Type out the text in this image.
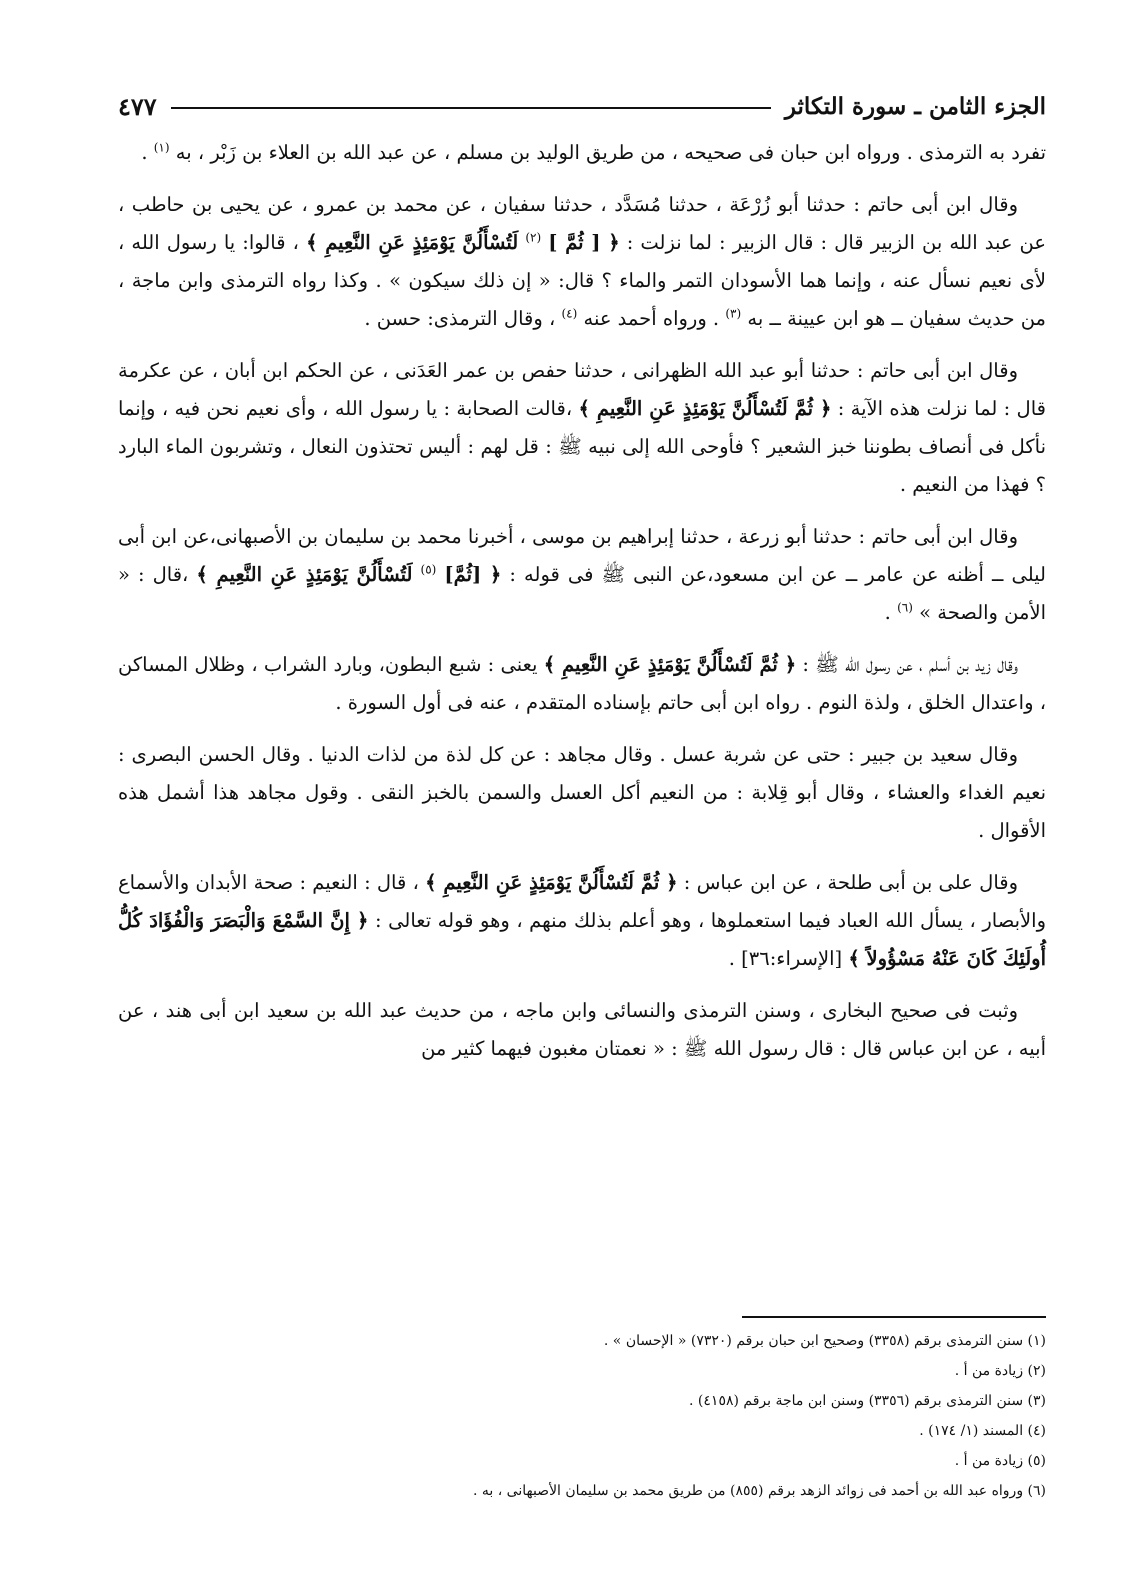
الجزء الثامن ـ سورة التكاثر
٤٧٧

تفرد به الترمذى . ورواه ابن حبان فى صحيحه ، من طريق الوليد بن مسلم ، عن عبد الله بن العلاء بن زَبْر ، به $^{(١)}$ .

وقال ابن أبى حاتم : حدثنا أبو زُرْعَة ، حدثنا مُسَدَّد ، حدثنا سفيان ، عن محمد بن عمرو ، عن يحيى بن حاطب ، عن عبد الله بن الزبير قال : قال الزبير : لما نزلت : ﴿ [ ثُمَّ ] $^{(٢)}$ لَتُسْأَلُنَّ يَوْمَئِذٍ عَنِ النَّعِيمِ ﴾ ، قالوا: يا رسول الله ، لأى نعيم نسأل عنه ، وإنما هما الأسودان التمر والماء ؟ قال: « إن ذلك سيكون » . وكذا رواه الترمذى وابن ماجة ، من حديث سفيان ــ هو ابن عيينة ــ به $^{(٣)}$ . ورواه أحمد عنه $^{(٤)}$ ، وقال الترمذى: حسن .

وقال ابن أبى حاتم : حدثنا أبو عبد الله الظهرانى ، حدثنا حفص بن عمر العَدَنى ، عن الحكم ابن أبان ، عن عكرمة قال : لما نزلت هذه الآية : ﴿ ثُمَّ لَتُسْأَلُنَّ يَوْمَئِذٍ عَنِ النَّعِيمِ ﴾ ،قالت الصحابة : يا رسول الله ، وأى نعيم نحن فيه ، وإنما نأكل فى أنصاف بطوننا خبز الشعير ؟ فأوحى الله إلى نبيه ﷺ : قل لهم : أليس تحتذون النعال ، وتشربون الماء البارد ؟ فهذا من النعيم .

وقال ابن أبى حاتم : حدثنا أبو زرعة ، حدثنا إبراهيم بن موسى ، أخبرنا محمد بن سليمان بن الأصبهانى،عن ابن أبى ليلى ــ أظنه عن عامر ــ عن ابن مسعود،عن النبى ﷺ فى قوله : ﴿ [ثُمَّ] $^{(٥)}$ لَتُسْأَلُنَّ يَوْمَئِذٍ عَنِ النَّعِيمِ ﴾ ،قال : « الأمن والصحة » $^{(٦)}$ .

وقال زيد بن أسلم ، عن رسول الله ﷺ : ﴿ ثُمَّ لَتُسْأَلُنَّ يَوْمَئِذٍ عَنِ النَّعِيمِ ﴾ يعنى : شبع البطون، وبارد الشراب ، وظلال المساكن ، واعتدال الخلق ، ولذة النوم . رواه ابن أبى حاتم بإسناده المتقدم ، عنه فى أول السورة .

وقال سعيد بن جبير : حتى عن شربة عسل . وقال مجاهد : عن كل لذة من لذات الدنيا . وقال الحسن البصرى : نعيم الغداء والعشاء ، وقال أبو قِلابة : من النعيم أكل العسل والسمن بالخبز النقى . وقول مجاهد هذا أشمل هذه الأقوال .

وقال على بن أبى طلحة ، عن ابن عباس : ﴿ ثُمَّ لَتُسْأَلُنَّ يَوْمَئِذٍ عَنِ النَّعِيمِ ﴾ ، قال : النعيم : صحة الأبدان والأسماع والأبصار ، يسأل الله العباد فيما استعملوها ، وهو أعلم بذلك منهم ، وهو قوله تعالى : ﴿ إِنَّ السَّمْعَ وَالْبَصَرَ وَالْفُؤَادَ كُلُّ أُولَئِكَ كَانَ عَنْهُ مَسْؤُولاً ﴾ [الإسراء:٣٦] .

وثبت فى صحيح البخارى ، وسنن الترمذى والنسائى وابن ماجه ، من حديث عبد الله بن سعيد ابن أبى هند ، عن أبيه ، عن ابن عباس قال : قال رسول الله ﷺ : « نعمتان مغبون فيهما كثير من

(١) سنن الترمذى برقم (٣٣٥٨) وصحيح ابن حبان برقم (٧٣٢٠) « الإحسان » .

(٢) زيادة من أ .

(٣) سنن الترمذى برقم (٣٣٥٦) وسنن ابن ماجة برقم (٤١٥٨) .

(٤) المسند (١/ ١٧٤) .

(٥) زيادة من أ .

(٦) ورواه عبد الله بن أحمد فى زوائد الزهد برقم (٨٥٥) من طريق محمد بن سليمان الأصبهانى ، به .
